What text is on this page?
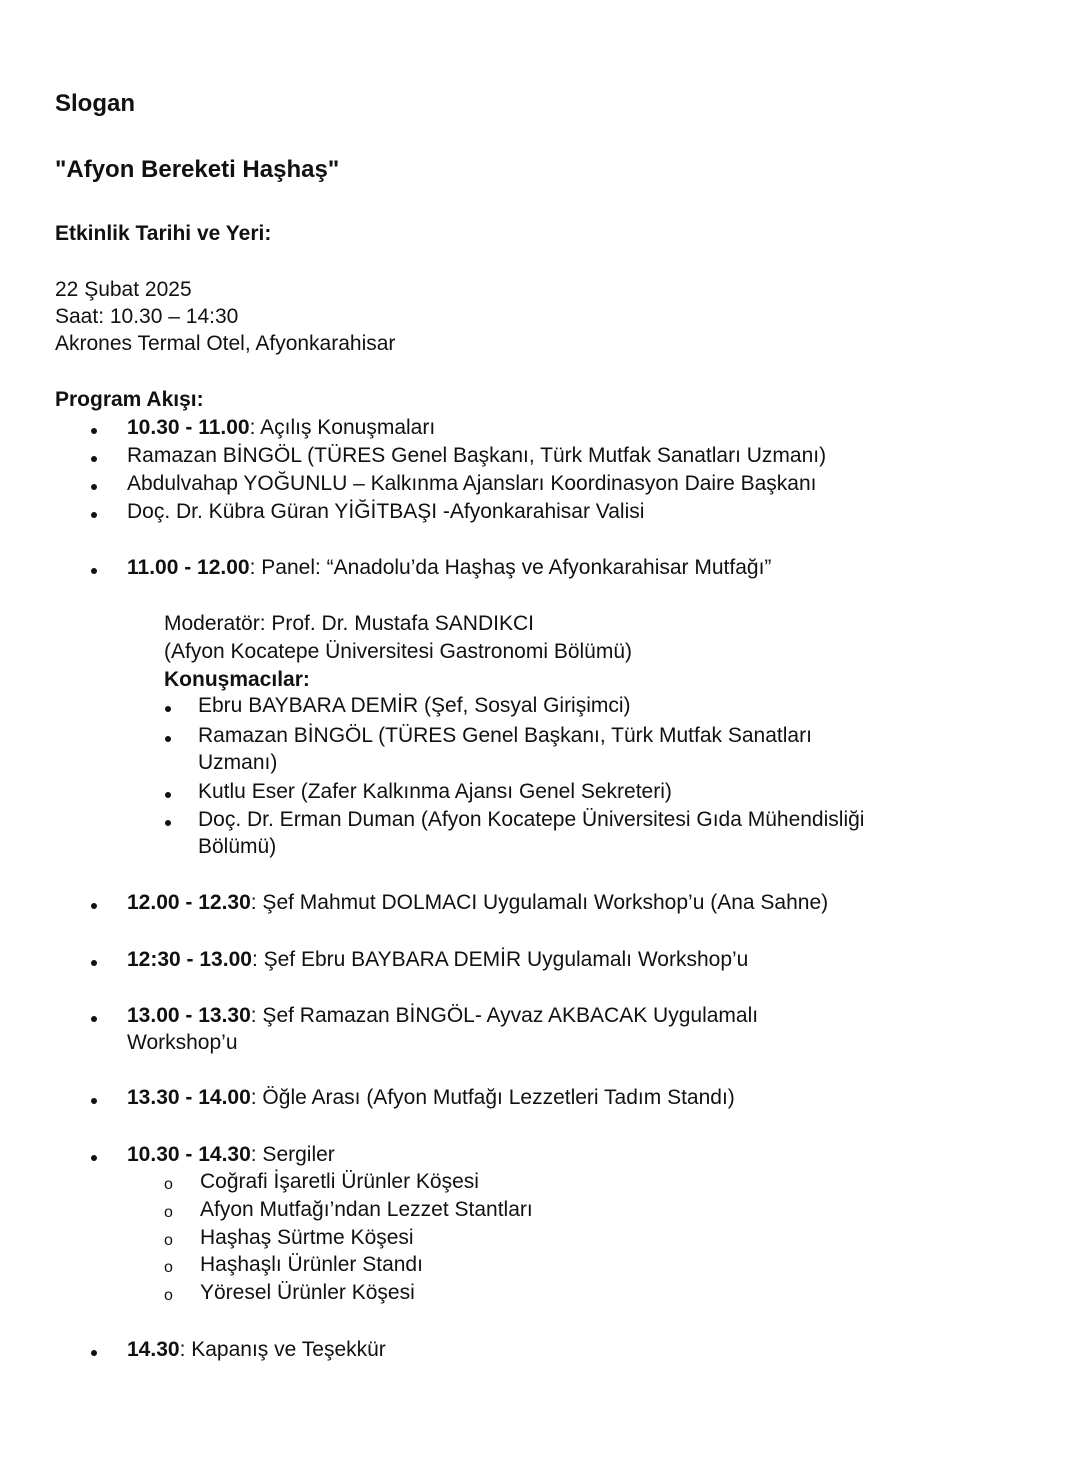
Slogan
"Afyon Bereketi Haşhaş"
Etkinlik Tarihi ve Yeri:
22 Şubat 2025
Saat: 10.30 – 14:30
Akrones Termal Otel, Afyonkarahisar
Program Akışı:
10.30 - 11.00: Açılış Konuşmaları
Ramazan BİNGÖL (TÜRES Genel Başkanı, Türk Mutfak Sanatları Uzmanı)
Abdulvahap YOĞUNLU – Kalkınma Ajansları Koordinasyon Daire Başkanı
Doç. Dr. Kübra Güran YİĞİTBAŞI -Afyonkarahisar Valisi
11.00 - 12.00: Panel: “Anadolu’da Haşhaş ve Afyonkarahisar Mutfağı”
Moderatör: Prof. Dr. Mustafa SANDIKCI
(Afyon Kocatepe Üniversitesi Gastronomi Bölümü)
Konuşmacılar:
Ebru BAYBARA DEMİR (Şef, Sosyal Girişimci)
Ramazan BİNGÖL (TÜRES Genel Başkanı, Türk Mutfak Sanatları
Uzmanı)
Kutlu Eser (Zafer Kalkınma Ajansı Genel Sekreteri)
Doç. Dr. Erman Duman (Afyon Kocatepe Üniversitesi Gıda Mühendisliği
Bölümü)
12.00 - 12.30: Şef Mahmut DOLMACI Uygulamalı Workshop’u (Ana Sahne)
12:30 - 13.00: Şef Ebru BAYBARA DEMİR Uygulamalı Workshop’u
13.00 - 13.30: Şef Ramazan BİNGÖL- Ayvaz AKBACAK Uygulamalı
Workshop’u
13.30 - 14.00: Öğle Arası (Afyon Mutfağı Lezzetleri Tadım Standı)
10.30 - 14.30: Sergiler
o Coğrafi İşaretli Ürünler Köşesi
o Afyon Mutfağı’ndan Lezzet Stantları
o Haşhaş Sürtme Köşesi
o Haşhaşlı Ürünler Standı
o Yöresel Ürünler Köşesi
14.30: Kapanış ve Teşekkür
